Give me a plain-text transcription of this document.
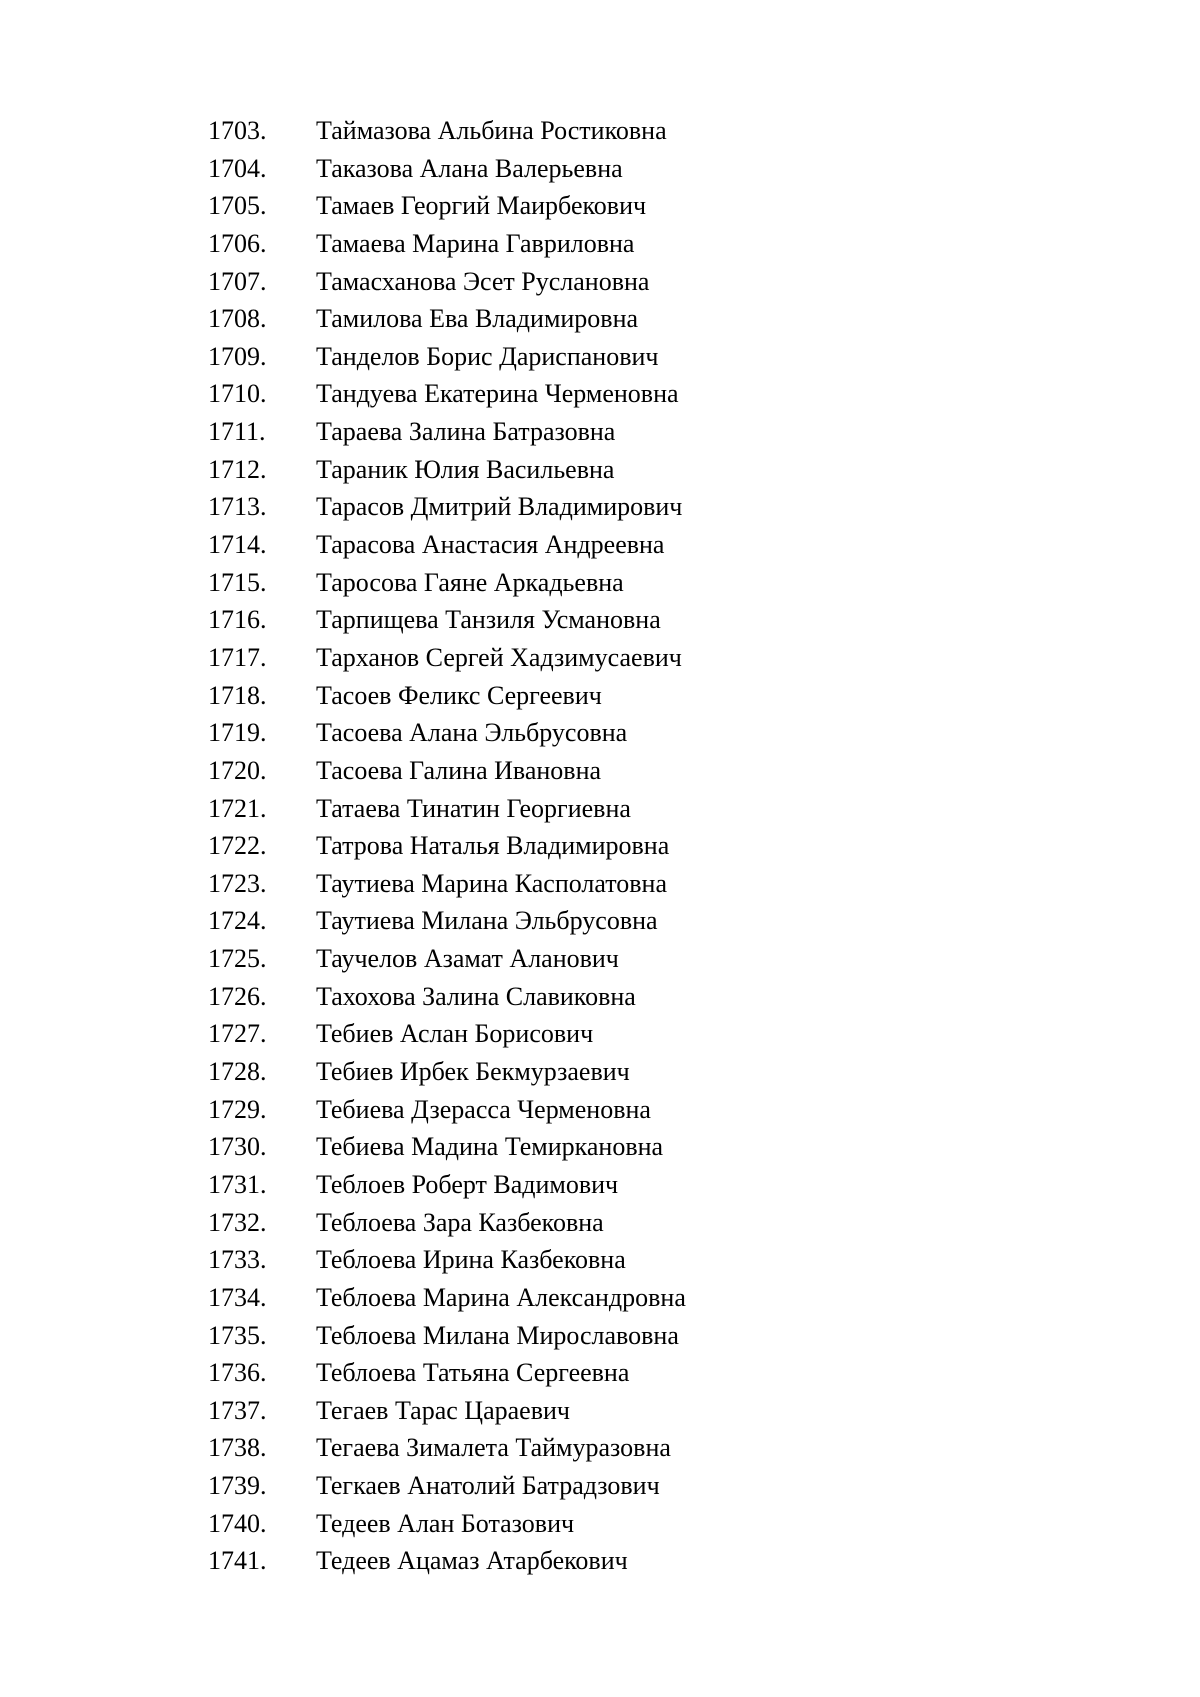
1703.	Таймазова Альбина Ростиковна
1704.	Таказова Алана Валерьевна
1705.	Тамаев Георгий Маирбекович
1706.	Тамаева Марина Гавриловна
1707.	Тамасханова Эсет Руслановна
1708.	Тамилова Ева Владимировна
1709.	Танделов Борис Дариспанович
1710.	Тандуева Екатерина Черменовна
1711.	Тараева Залина Батразовна
1712.	Тараник Юлия Васильевна
1713.	Тарасов Дмитрий Владимирович
1714.	Тарасова Анастасия Андреевна
1715.	Таросова Гаяне Аркадьевна
1716.	Тарпищева Танзиля Усмановна
1717.	Тарханов Сергей Хадзимусаевич
1718.	Тасоев Феликс Сергеевич
1719.	Тасоева Алана Эльбрусовна
1720.	Тасоева Галина Ивановна
1721.	Татаева Тинатин Георгиевна
1722.	Татрова Наталья Владимировна
1723.	Таутиева Марина Касполатовна
1724.	Таутиева Милана Эльбрусовна
1725.	Таучелов Азамат Аланович
1726.	Тахохова Залина Славиковна
1727.	Тебиев Аслан Борисович
1728.	Тебиев Ирбек Бекмурзаевич
1729.	Тебиева Дзерасса Черменовна
1730.	Тебиева Мадина Темиркановна
1731.	Теблоев Роберт Вадимович
1732.	Теблоева Зара Казбековна
1733.	Теблоева Ирина Казбековна
1734.	Теблоева Марина Александровна
1735.	Теблоева Милана Мирославовна
1736.	Теблоева Татьяна Сергеевна
1737.	Тегаев Тарас Цараевич
1738.	Тегаева Зималета Таймуразовна
1739.	Тегкаев Анатолий Батрадзович
1740.	Тедеев Алан Ботазович
1741.	Тедеев Ацамаз Атарбекович
